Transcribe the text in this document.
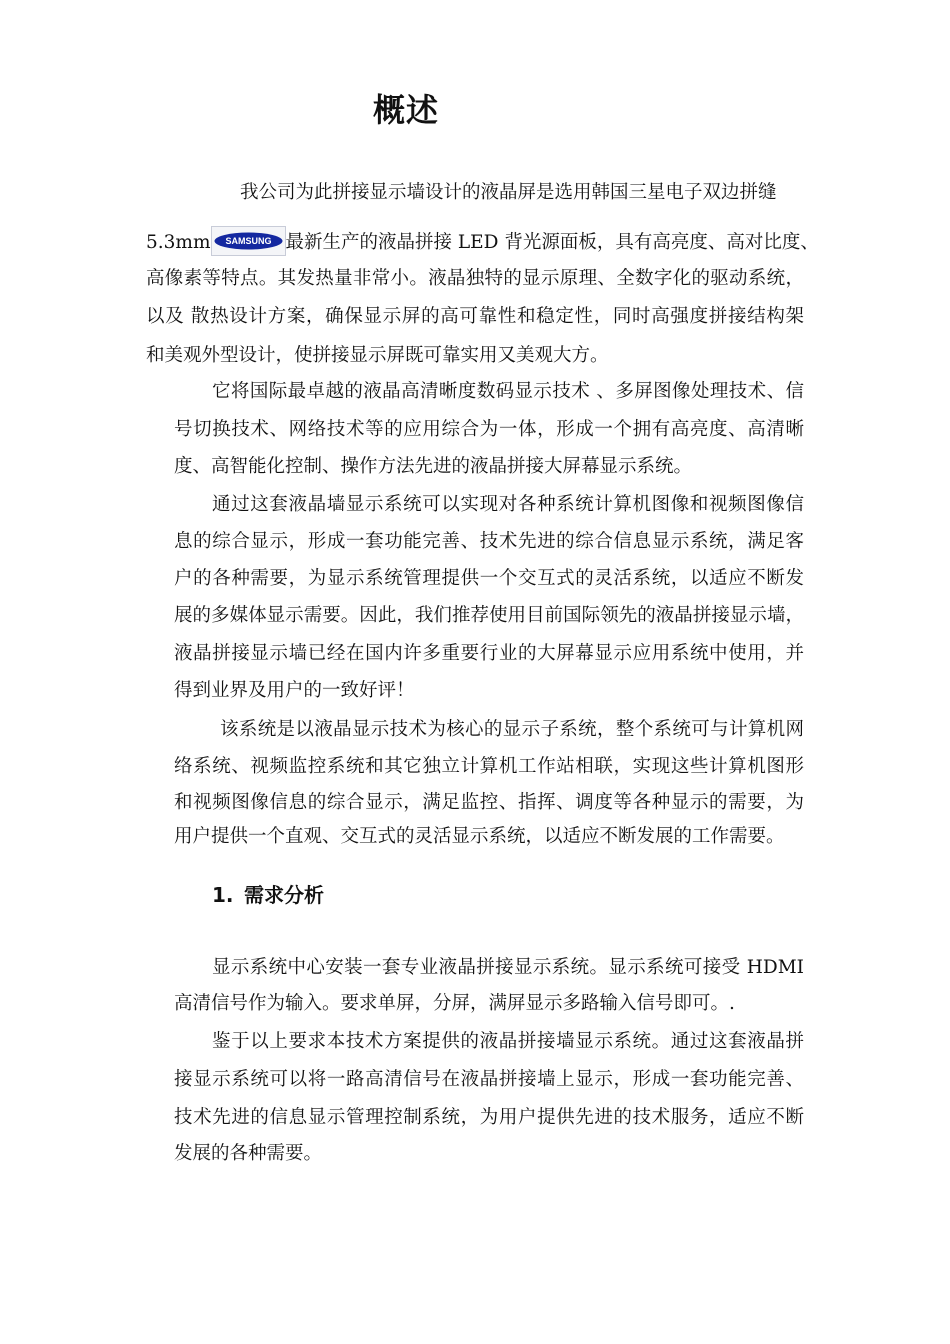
概述
我公司为此拼接显示墙设计的液晶屏是选用韩国三星电子双边拼缝
5.3mm SAMSUNG 最新生产的液晶拼接 LED 背光源面板，具有高亮度、高对比度、
高像素等特点。其发热量非常小。液晶独特的显示原理、全数字化的驱动系统，
以及 散热设计方案，确保显示屏的高可靠性和稳定性，同时高强度拼接结构架
和美观外型设计，使拼接显示屏既可靠实用又美观大方。
它将国际最卓越的液晶高清晰度数码显示技术 、多屏图像处理技术、信
号切换技术、网络技术等的应用综合为一体，形成一个拥有高亮度、高清晰
度、高智能化控制、操作方法先进的液晶拼接大屏幕显示系统。
通过这套液晶墙显示系统可以实现对各种系统计算机图像和视频图像信
息的综合显示，形成一套功能完善、技术先进的综合信息显示系统，满足客
户的各种需要，为显示系统管理提供一个交互式的灵活系统，以适应不断发
展的多媒体显示需要。因此，我们推荐使用目前国际领先的液晶拼接显示墙，
液晶拼接显示墙已经在国内许多重要行业的大屏幕显示应用系统中使用，并
得到业界及用户的一致好评！
该系统是以液晶显示技术为核心的显示子系统，整个系统可与计算机网
络系统、视频监控系统和其它独立计算机工作站相联，实现这些计算机图形
和视频图像信息的综合显示，满足监控、指挥、调度等各种显示的需要，为
用户提供一个直观、交互式的灵活显示系统，以适应不断发展的工作需要。
1. 需求分析
显示系统中心安装一套专业液晶拼接显示系统。显示系统可接受 HDMI
高清信号作为输入。要求单屏，分屏，满屏显示多路输入信号即可。.
鉴于以上要求本技术方案提供的液晶拼接墙显示系统。通过这套液晶拼
接显示系统可以将一路高清信号在液晶拼接墙上显示，形成一套功能完善、
技术先进的信息显示管理控制系统，为用户提供先进的技术服务，适应不断
发展的各种需要。
